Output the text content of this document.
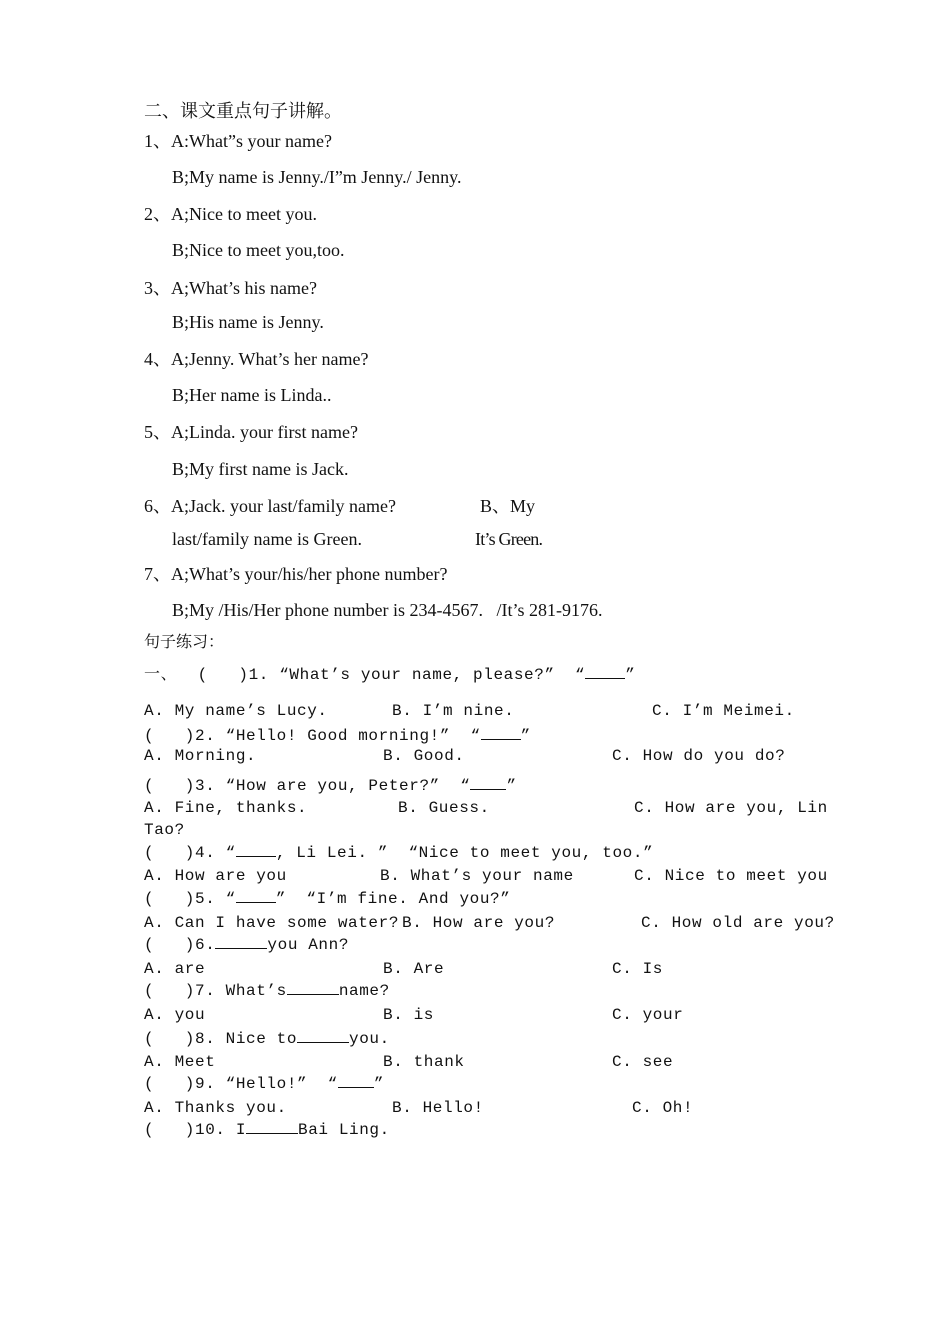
二、课文重点句子讲解。
1、A:What”s your name?
B;My name is Jenny./I”m Jenny./ Jenny.
2、A;Nice to meet you.
B;Nice to meet you,too.
3、A;What’s his name?
B;His name is Jenny.
4、A;Jenny. What’s her name?
B;Her name is Linda..
5、A;Linda. your first name?
B;My first name is Jack.
6、A;Jack. your last/family name?	B、My
last/family name is Green.	It’s Green.
7、A;What’s your/his/her phone number?
B;My /His/Her phone number is 234-4567.   /It’s 281-9176.
句子练习：
一、  (   )1. “What’s your name, please?”  “	”
A. My name’s Lucy.	B. I’m nine.	C. I’m Meimei.
(   )2. “Hello! Good morning!”  “	”
A. Morning.	B. Good.	C. How do you do?
(   )3. “How are you, Peter?”  “ ”
A. Fine, thanks.	B. Guess.	C. How are you, Lin
Tao?
(   )4. “	, Li Lei. ”  “Nice to meet you, too.”
A. How are you	B. What’s your name	C. Nice to meet you
(   )5. “	”  “I’m fine. And you?”
A. Can I have some water? B. How are you?	C. How old are you?
(   )6.	you Ann?
A. are	B. Are	C. Is
(   )7. What’s	name?
A. you	B. is	C. your
(   )8. Nice to	you.
A. Meet	B. thank	C. see
(   )9. “Hello!”  “ ”
A. Thanks you.	B. Hello!	C. Oh!
(   )10. I	Bai Ling.
